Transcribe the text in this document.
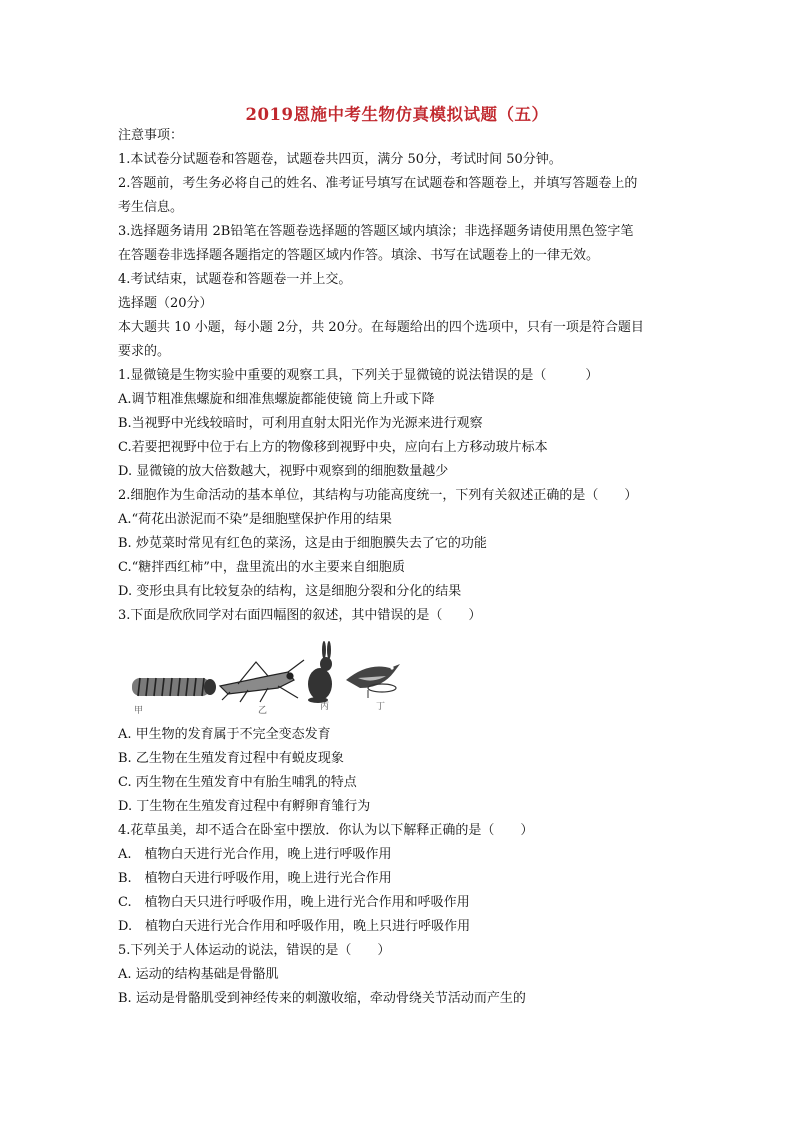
2019恩施中考生物仿真模拟试题（五）
注意事项：
1.本试卷分试题卷和答题卷，试题卷共四页，满分 50分，考试时间 50分钟。
2.答题前，考生务必将自己的姓名、准考证号填写在试题卷和答题卷上，并填写答题卷上的
考生信息。
3.选择题务请用 2B铅笔在答题卷选择题的答题区域内填涂；非选择题务请使用黑色签字笔
在答题卷非选择题各题指定的答题区域内作答。填涂、书写在试题卷上的一律无效。
4.考试结束，试题卷和答题卷一并上交。
选择题（20分）
本大题共 10 小题，每小题 2分，共 20分。在每题给出的四个选项中，只有一项是符合题目
要求的。
1.显微镜是生物实验中重要的观察工具，下列关于显微镜的说法错误的是（　　　）
A.调节粗准焦螺旋和细准焦螺旋都能使镜 筒上升或下降
B.当视野中光线较暗时，可利用直射太阳光作为光源来进行观察
C.若要把视野中位于右上方的物像移到视野中央，应向右上方移动玻片标本
D. 显微镜的放大倍数越大，视野中观察到的细胞数量越少
2.细胞作为生命活动的基本单位，其结构与功能高度统一，下列有关叙述正确的是（　　）
A.“荷花出淤泥而不染”是细胞壁保护作用的结果
B. 炒苋菜时常见有红色的菜汤，这是由于细胞膜失去了它的功能
C.“糖拌西红柿”中，盘里流出的水主要来自细胞质
D. 变形虫具有比较复杂的结构，这是细胞分裂和分化的结果
3.下面是欣欣同学对右面四幅图的叙述，其中错误的是（　　）
甲	乙	丙	丁
A. 甲生物的发育属于不完全变态发育
B. 乙生物在生殖发育过程中有蜕皮现象
C. 丙生物在生殖发育中有胎生哺乳的特点
D. 丁生物在生殖发育过程中有孵卵育雏行为
4.花草虽美，却不适合在卧室中摆放．你认为以下解释正确的是（　　）
A.　植物白天进行光合作用，晚上进行呼吸作用
B.　植物白天进行呼吸作用，晚上进行光合作用
C.　植物白天只进行呼吸作用，晚上进行光合作用和呼吸作用
D.　植物白天进行光合作用和呼吸作用，晚上只进行呼吸作用
5.下列关于人体运动的说法，错误的是（　　）
A. 运动的结构基础是骨骼肌
B. 运动是骨骼肌受到神经传来的刺激收缩，牵动骨绕关节活动而产生的
